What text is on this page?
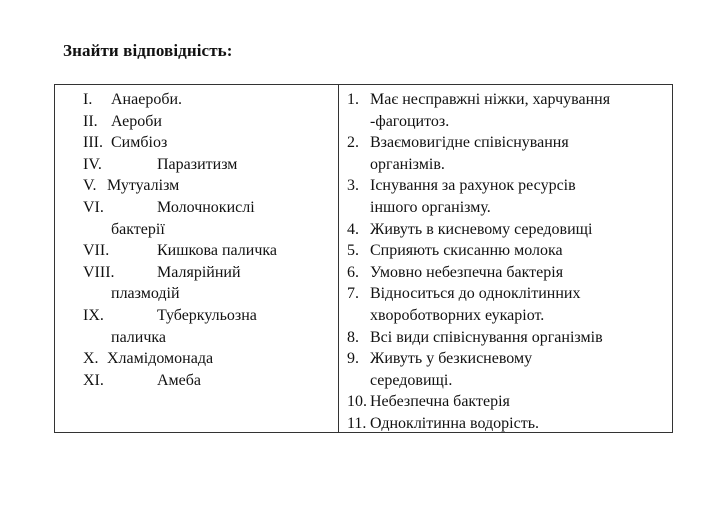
Знайти відповідність:
I. Анаероби.
II. Аероби
III. Симбіоз
IV.	Паразитизм
V. Мутуалізм
VI.	Молочнокислі
бактерії
VII.	Кишкова паличка
VIII.	Малярійний
плазмодій
IX.	Туберкульозна
паличка
X. Хламідомонада
XI.	Амеба
1. Має несправжні ніжки, харчування
-фагоцитоз.
2. Взаємовигідне співіснування
організмів.
3. Існування за рахунок ресурсів
іншого організму.
4. Живуть в кисневому середовищі
5. Сприяють скисанню молока
6. Умовно небезпечна бактерія
7. Відноситься до одноклітинних
хвороботворних еукаріот.
8. Всі види співіснування організмів
9. Живуть у безкисневому
середовищі.
10. Небезпечна бактерія
11. Одноклітинна водорість.
